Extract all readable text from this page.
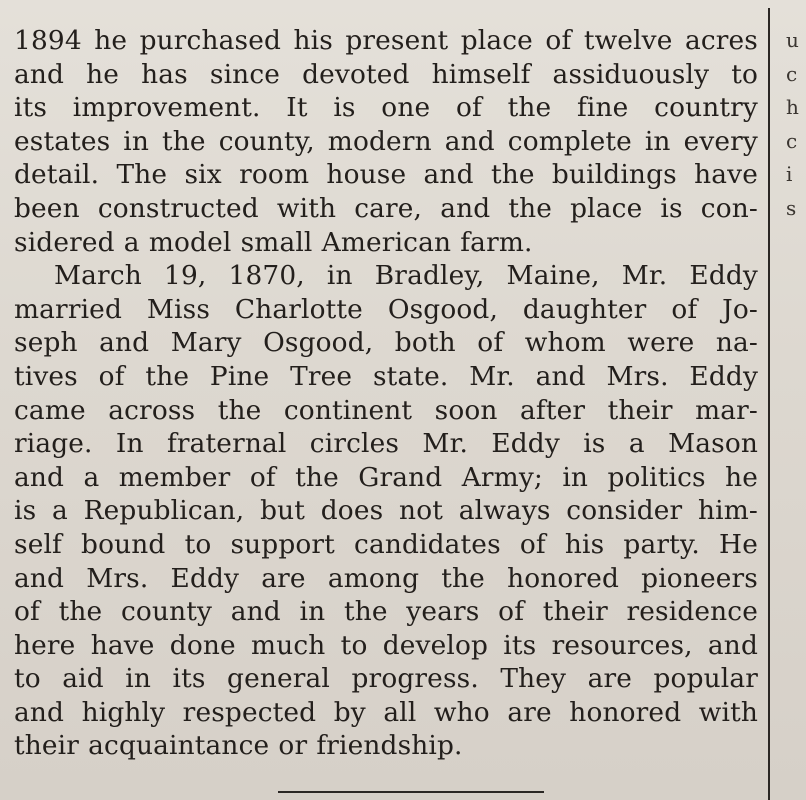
1894 he purchased his present place of twelve acres
and he has since devoted himself assiduously to
its improvement. It is one of the fine country
estates in the county, modern and complete in every
detail. The six room house and the buildings have
been constructed with care, and the place is con-
sidered a model small American farm.

March 19, 1870, in Bradley, Maine, Mr. Eddy
married Miss Charlotte Osgood, daughter of Jo-
seph and Mary Osgood, both of whom were na-
tives of the Pine Tree state. Mr. and Mrs. Eddy
came across the continent soon after their mar-
riage. In fraternal circles Mr. Eddy is a Mason
and a member of the Grand Army; in politics he
is a Republican, but does not always consider him-
self bound to support candidates of his party. He
and Mrs. Eddy are among the honored pioneers
of the county and in the years of their residence
here have done much to develop its resources, and
to aid in its general progress. They are popular
and highly respected by all who are honored with
their acquaintance or friendship.

u
c
h
c
i
s
